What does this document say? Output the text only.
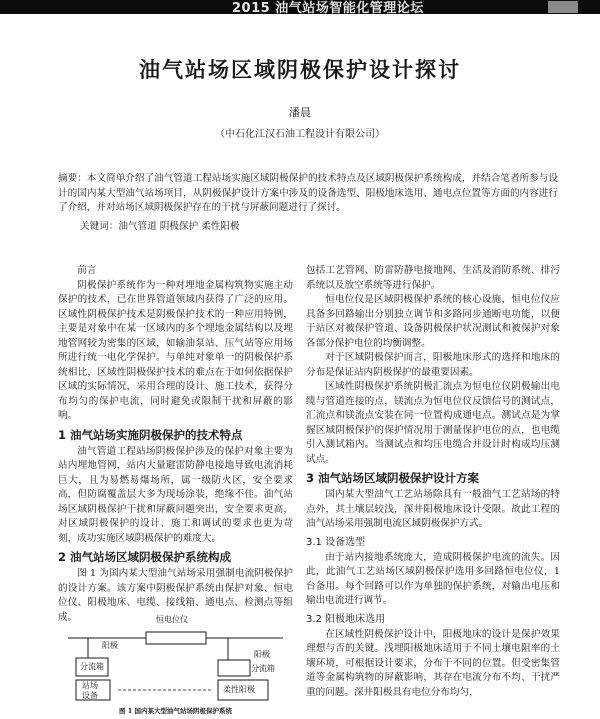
2015 油气站场智能化管理论坛
油气站场区域阴极保护设计探讨
潘晨
（中石化江汉石油工程设计有限公司）
摘要：本文简单介绍了油气管道工程站场实施区域阴极保护的技术特点及区域阴极保护系统构成，并结合笔者所参与设计的国内某大型油气站场项目，从阴极保护设计方案中涉及的设备选型、阳极地床选用、通电点位置等方面的内容进行了介绍，并对站场区域阴极保护存在的干扰与屏蔽问题进行了探讨。
关键词：油气管道 阴极保护 柔性阳极

前言

阴极保护系统作为一种对埋地金属构筑物实施主动保护的技术，已在世界管道领域内获得了广泛的应用。区域性阴极保护技术是阴极保护技术的一种应用特例，主要是对象中在某一区域内的多个埋地金属结构以及埋地管网较为密集的区域，如输油泵站、压气站等应用场所进行统一电化学保护。与单纯对象单一的阴极保护系统相比，区域性阴极保护技术的难点在于如何依据保护区域的实际情况，采用合理的设计、施工技术，获得分布均匀的保护电流，同时避免或限制干扰和屏蔽的影响。

1 油气站场实施阴极保护的技术特点

油气管道工程站场阴极保护涉及的保护对象主要为站内埋地管网，站内大量避雷防静电接地导致电流消耗巨大，且为易燃易爆场所，属一级防火区，安全要求高，但防腐覆盖层大多为现场涂装，绝缘不佳。油气站场区域阴极保护干扰和屏蔽问题突出，安全要求更高，对区域阴极保护的设计、施工和调试的要求也更为苛刻，成功实施区域阴极保护的难度大。

2 油气站场区域阴极保护系统构成

图 1 为国内某大型油气站场采用强制电流阴极保护的设计方案。该方案中阴极保护系统由保护对象、恒电位仪、阳极地床、电缆、接线箱、通电点、检测点等组成。	恒电位仪
阳极
分流箱
站场
设备
阳极
分流箱
柔性阳极
图 1 国内某大型油气站场阴极保护系统

包括工艺管网、防雷防静电接地网、生活及消防系统、排污系统以及放空系统等进行保护。

恒电位仪是区域阴极保护系统的核心设施，恒电位仪应具备多回路输出分别独立调节和多路同步通断电功能，以便于站区对被保护管道、设备阴极保护状况测试和被保护对象各部分保护电位的均衡调整。

对于区域阴极保护而言，阳极地床形式的选择和地床的分布是保证站内阴极保护的最重要因素。

区域性阴极保护系统阴极汇流点为恒电位仪阴极输出电缆与管道连接的点，镁流点为恒电位仪反馈信号的测试点，汇流点和镁流点安装在同一位置构成通电点。测试点是为掌握区域阴极保护的保护情况用于测量保护电位的点，也电缆引入测试箱内。当测试点和均压电缆合并设计时构成均压测试点。

3 油气站场区域阴极保护设计方案

国内某大型油气工艺站场除具有一般油气工艺站场的特点外，其土壤层较浅，深井阳极地床设计受限。故此工程的油气站场采用强制电流区域阴极保护方式。

3.1 设备选型

由于站内接地系统庞大，造成阴极保护电流的流失。因此，此油气工艺站场区域阴极保护选用多回路恒电位仪，1 台备用。每个回路可以作为单独的保护系统，对输出电压和输出电流进行调节。

3.2 阳极地床选用

在区域性阴极保护设计中，阳极地床的设计是保护效果理想与否的关键。浅埋阳极地床适用于不同土壤电阻率的土壤环境，可根据设计要求，分布于不同的位置。但受密集管道等金属构筑物的屏蔽影响，其存在电流分布不均、干扰严重的问题。深井阳极具有电位分布均匀，
